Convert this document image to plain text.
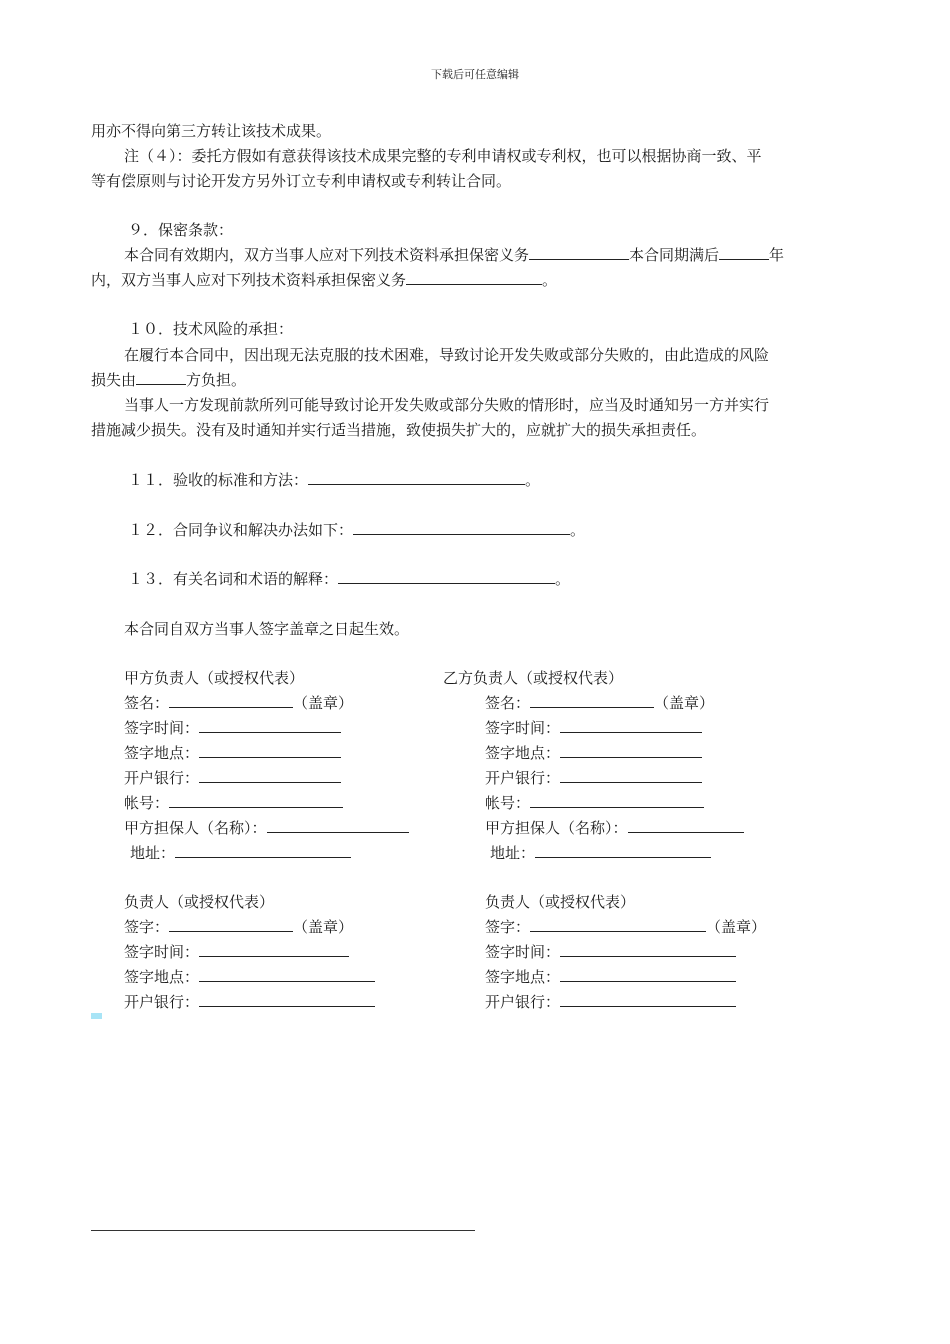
下载后可任意编辑
用亦不得向第三方转让该技术成果。
注（４）：委托方假如有意获得该技术成果完整的专利申请权或专利权，也可以根据协商一致、平
等有偿原则与讨论开发方另外订立专利申请权或专利转让合同。
９．保密条款：
本合同有效期内，双方当事人应对下列技术资料承担保密义务	本合同期满后	年
内，双方当事人应对下列技术资料承担保密义务	。
１０．技术风险的承担：
在履行本合同中，因出现无法克服的技术困难，导致讨论开发失败或部分失败的，由此造成的风险
损失由	方负担。
当事人一方发现前款所列可能导致讨论开发失败或部分失败的情形时，应当及时通知另一方并实行
措施减少损失。没有及时通知并实行适当措施，致使损失扩大的，应就扩大的损失承担责任。
１１．验收的标准和方法：	。
１２．合同争议和解决办法如下：	。
１３．有关名词和术语的解释：	。
本合同自双方当事人签字盖章之日起生效。
甲方负责人（或授权代表）
签名：	（盖章）
签字时间：
签字地点：
开户银行：
帐号：
甲方担保人（名称）：
地址：
乙方负责人（或授权代表）
签名：	（盖章）
签字时间：
签字地点：
开户银行：
帐号：
甲方担保人（名称）：
地址：
负责人（或授权代表）
签字：	（盖章）
签字时间：
签字地点：
开户银行：
负责人（或授权代表）
签字：	（盖章）
签字时间：
签字地点：
开户银行：
